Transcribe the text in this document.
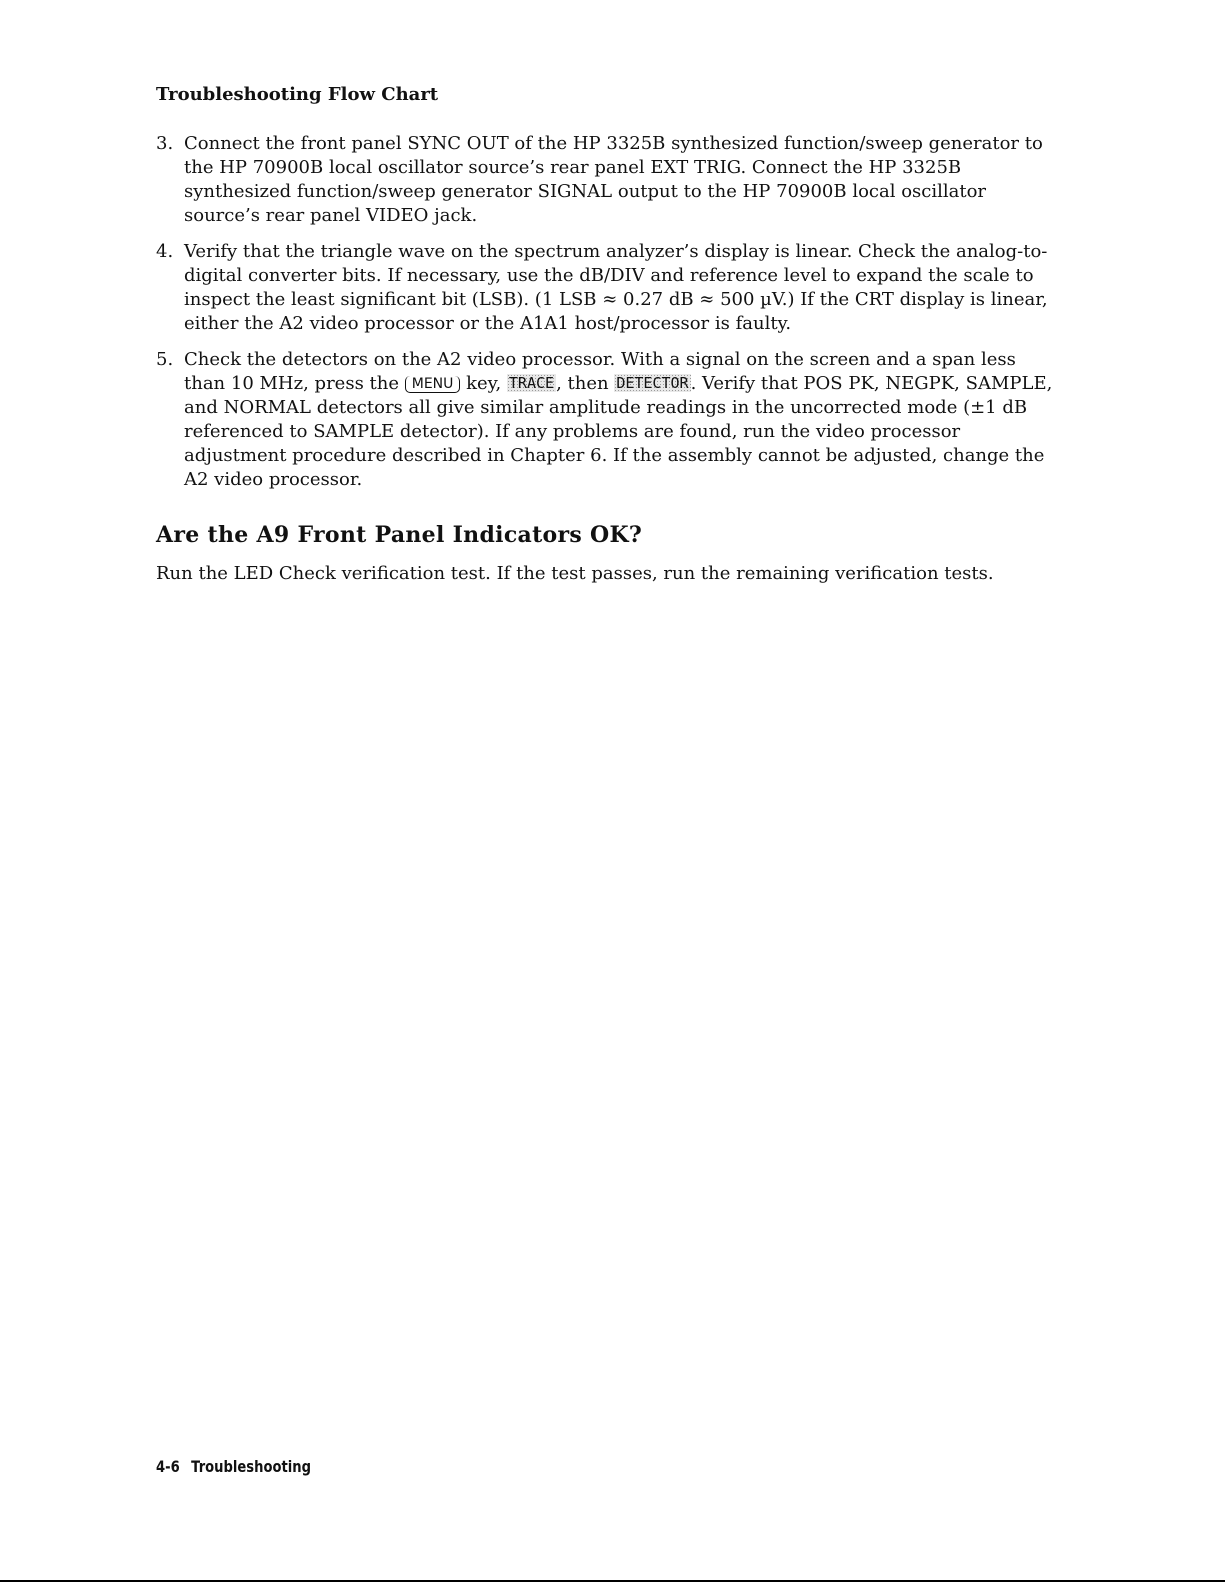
Troubleshooting Flow Chart
3. Connect the front panel SYNC OUT of the HP 3325B synthesized function/sweep generator to the HP 70900B local oscillator source’s rear panel EXT TRIG. Connect the HP 3325B synthesized function/sweep generator SIGNAL output to the HP 70900B local oscillator source’s rear panel VIDEO jack.
4. Verify that the triangle wave on the spectrum analyzer’s display is linear. Check the analog-to-digital converter bits. If necessary, use the dB/DIV and reference level to expand the scale to inspect the least significant bit (LSB). (1 LSB ≈ 0.27 dB ≈ 500 µV.) If the CRT display is linear, either the A2 video processor or the A1A1 host/processor is faulty.
5. Check the detectors on the A2 video processor. With a signal on the screen and a span less than 10 MHz, press the MENU key, TRACE , then DETECTOR . Verify that POS PK, NEGPK, SAMPLE, and NORMAL detectors all give similar amplitude readings in the uncorrected mode (±1 dB referenced to SAMPLE detector). If any problems are found, run the video processor adjustment procedure described in Chapter 6. If the assembly cannot be adjusted, change the A2 video processor.
Are the A9 Front Panel Indicators OK?

Run the LED Check verification test. If the test passes, run the remaining verification tests.

4-6 Troubleshooting
